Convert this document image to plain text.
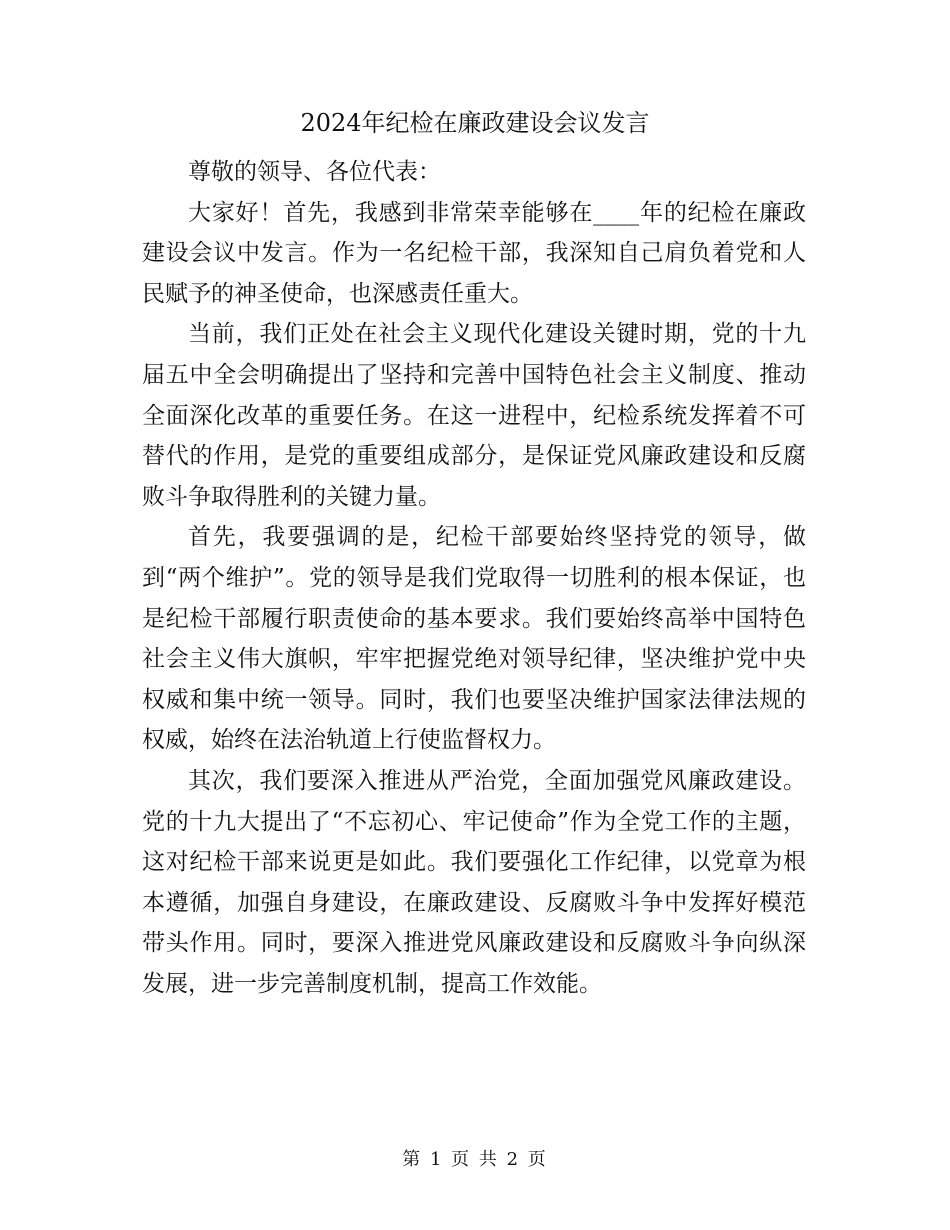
2024年纪检在廉政建设会议发言

尊敬的领导、各位代表：

大家好！首先，我感到非常荣幸能够在____年的纪检在廉政建设会议中发言。作为一名纪检干部，我深知自己肩负着党和人民赋予的神圣使命，也深感责任重大。

当前，我们正处在社会主义现代化建设关键时期，党的十九届五中全会明确提出了坚持和完善中国特色社会主义制度、推动全面深化改革的重要任务。在这一进程中，纪检系统发挥着不可替代的作用，是党的重要组成部分，是保证党风廉政建设和反腐败斗争取得胜利的关键力量。

首先，我要强调的是，纪检干部要始终坚持党的领导，做到“两个维护”。党的领导是我们党取得一切胜利的根本保证，也是纪检干部履行职责使命的基本要求。我们要始终高举中国特色社会主义伟大旗帜，牢牢把握党绝对领导纪律，坚决维护党中央权威和集中统一领导。同时，我们也要坚决维护国家法律法规的权威，始终在法治轨道上行使监督权力。

其次，我们要深入推进从严治党，全面加强党风廉政建设。党的十九大提出了“不忘初心、牢记使命”作为全党工作的主题，这对纪检干部来说更是如此。我们要强化工作纪律，以党章为根本遵循，加强自身建设，在廉政建设、反腐败斗争中发挥好模范带头作用。同时，要深入推进党风廉政建设和反腐败斗争向纵深发展，进一步完善制度机制，提高工作效能。

第 1 页 共 2 页
